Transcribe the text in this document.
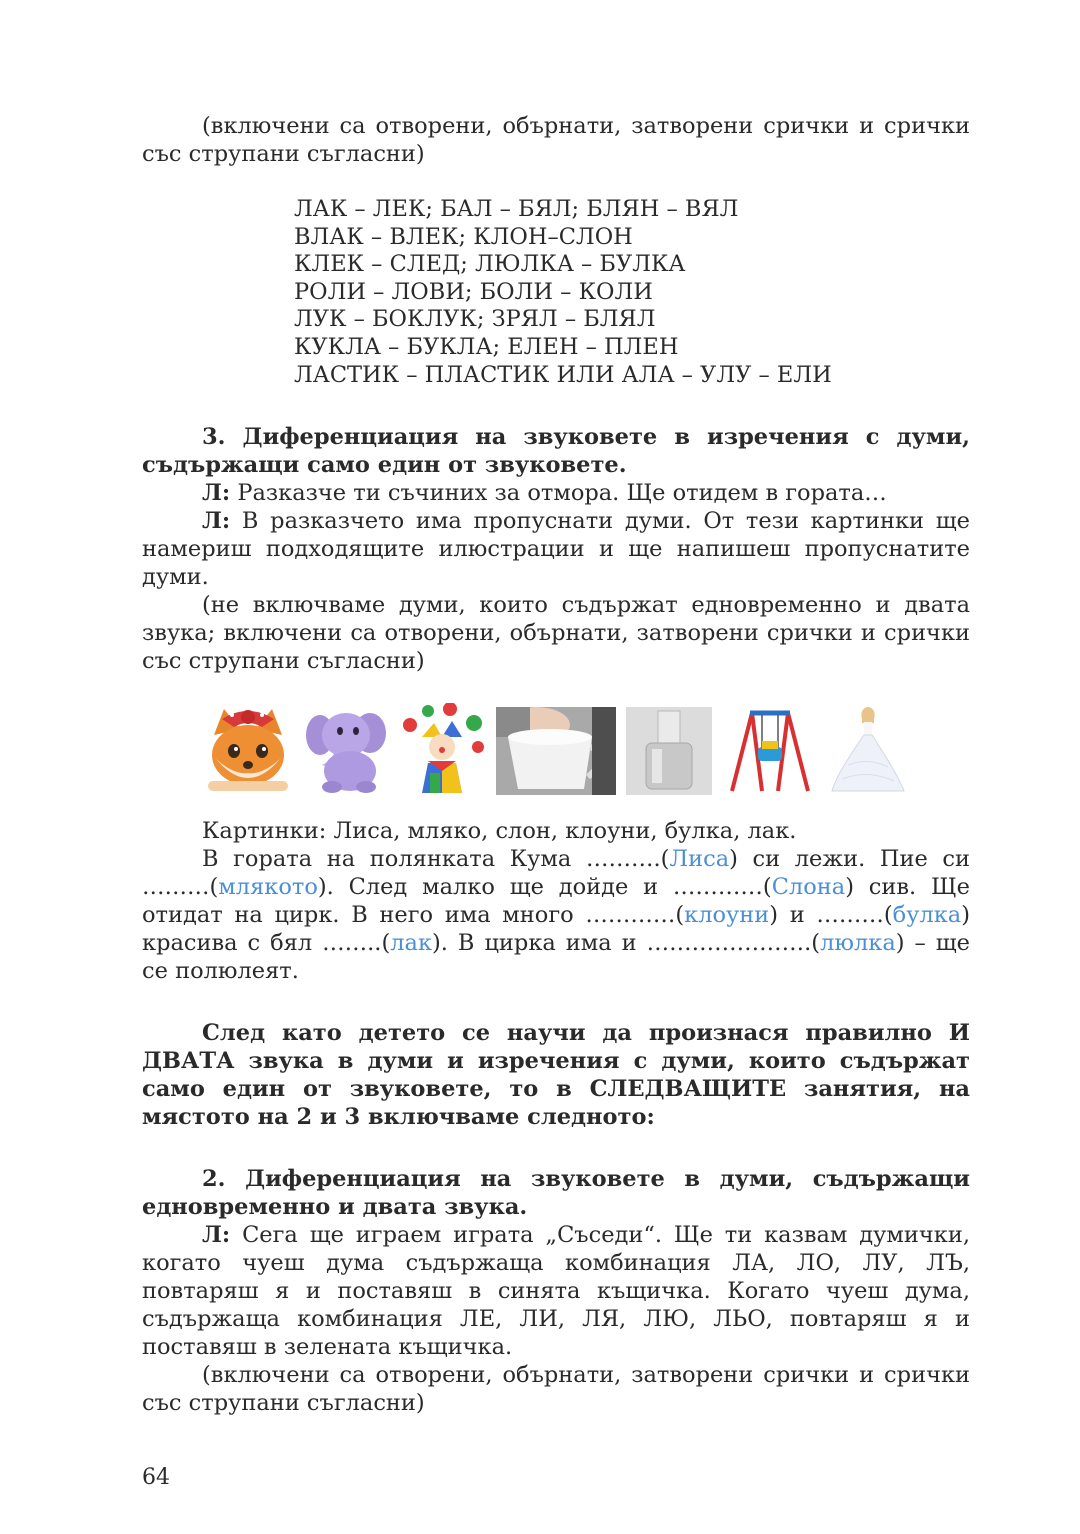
(включени са отворени, обърнати, затворени срички и срички със струпани съгласни)

ЛАК – ЛЕК; БАЛ – БЯЛ; БЛЯН – ВЯЛ
ВЛАК – ВЛЕК; КЛОН–СЛОН
КЛЕК – СЛЕД; ЛЮЛКА – БУЛКА
РОЛИ – ЛОВИ; БОЛИ – КОЛИ
ЛУК – БОКЛУК; ЗРЯЛ – БЛЯЛ
КУКЛА – БУКЛА; ЕЛЕН – ПЛЕН
ЛАСТИК – ПЛАСТИК ИЛИ АЛА – УЛУ – ЕЛИ

3. Диференциация на звуковете в изречения с думи, съдържащи само един от звуковете.

Л: Разказче ти съчиних за отмора. Ще отидем в гората…

Л: В разказчето има пропуснати думи. От тези картинки ще намериш подходящите илюстрации и ще напишеш пропуснатите думи.

(не включваме думи, които съдържат едновременно и двата звука; включени са отворени, обърнати, затворени срички и срички със струпани съгласни)

Картинки: Лиса, мляко, слон, клоуни, булка, лак.

В гората на полянката Кума ……….(Лиса) си лежи. Пие си ………(млякото). След малко ще дойде и …………(Слона) сив. Ще отидат на цирк. В него има много …………(клоуни) и ………(булка) красива с бял ……..(лак). В цирка има и ………………….(люлка) – ще се полюлеят.

След като детето се научи да произнася правилно И ДВАТА звука в думи и изречения с думи, които съдържат само един от звуковете, то в СЛЕДВАЩИТЕ занятия, на мястото на 2 и 3 включваме следното:

2. Диференциация на звуковете в думи, съдържащи едновременно и двата звука.

Л: Сега ще играем играта „Съседи“. Ще ти казвам думички, когато чуеш дума съдържаща комбинация ЛА, ЛО, ЛУ, ЛЪ, повтаряш я и поставяш в синята къщичка. Когато чуеш дума, съдържаща комбинация ЛЕ, ЛИ, ЛЯ, ЛЮ, ЛЬО, повтаряш я и поставяш в зелената къщичка.

(включени са отворени, обърнати, затворени срички и срички със струпани съгласни)

64
